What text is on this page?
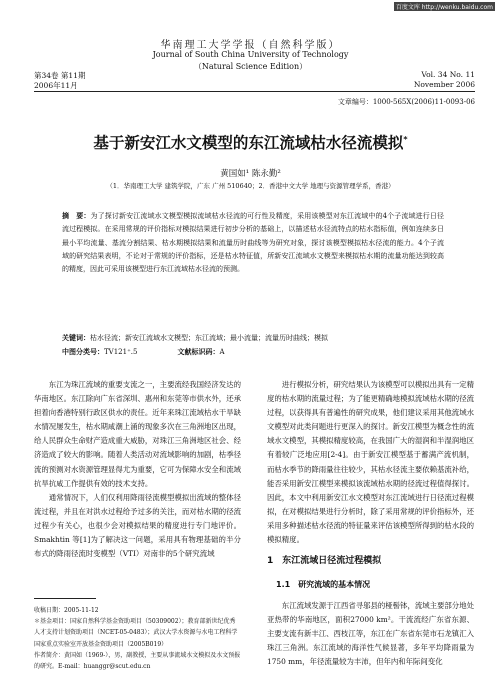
百度文库 http://wenku.baidu.com
华南理工大学学报（自然科学版）
Journal of South China University of Technology
（Natural Science Edition）
第34卷 第11期
2006年11月
Vol. 34 No. 11
November 2006
文章编号：1000-565X(2006)11-0093-06
基于新安江水文模型的东江流域枯水径流模拟*
黄国如¹ 陈永勤²
（1．华南理工大学 建筑学院，广东 广州 510640；2．香港中文大学 地理与资源管理学系，香港）

摘　要：为了探讨新安江流域水文模型模拟流域枯水径流的可行性及精度，采用该模型对东江流域中的4个子流域进行日径流过程模拟。在采用常规的评价指标对模拟结果进行初步分析的基础上，以描述枯水径流特点的枯水指标值，例如连续多日最小平均流量、基流分割结果、枯水期模拟结果和流量历时曲线等为研究对象，探讨该模型模拟枯水径流的能力。4个子流域的研究结果表明，不论对于常规的评价指标，还是枯水特征值，所新安江流域水文模型来模拟枯水期的流量功能达到较高的精度，因此可采用该模型进行东江流域枯水径流的预测。

关键词：枯水径流；新安江流域水文模型；东江流域；最小流量；流量历时曲线；模拟

中图分类号：TV121⁺.5	文献标识码：A

东江为珠江流域的重要支流之一，主要流经我国经济发达的华南地区。东江除向广东省深圳、惠州和东莞等市供水外，还承担着向香港特别行政区供水的责任。近年来珠江流域枯水干旱缺水情况屡发生，枯水期咸潮上涌的现象多次在三角洲地区出现，给人民群众生命财产造成重大威胁，对珠江三角洲地区社会、经济造成了较大的影响。随着人类活动对流域影响的加剧，枯季径流的预测对水资源管理显得尤为重要，它可为保障水安全和流域抗旱抗咸工作提供有效的技术支持。

通常情况下，人们仅利用降雨径流模型模拟出流域的整体径流过程，并且在对洪水过程给予过多的关注，而对枯水期的径流过程少有关心，也很少会对模拟结果的精度进行专门地评价。Smakhtin 等[1]为了解决这一问题，采用具有物理基础的半分布式的降雨径流时变模型（VTI）对南非的5个研究流域

收稿日期：2005-11-12
＊基金项目：国家自然科学基金资助项目（50309002）；教育部新世纪优秀人才支持计划资助项目（NCET-05-0483）；武汉大学水资源与水电工程科学国家重点实验室开放基金资助项目（2005B019）
作者简介：黄国如（1969-），男，副教授，主要从事流域水文模拟及水文预报的研究。E-mail：huanggr@scut.edu.cn

进行模拟分析，研究结果认为该模型可以模拟出具有一定精度的枯水期的流量过程；为了能更精确地模拟流域枯水期的径流过程，以获得具有普遍性的研究成果，他们建议采用其他流域水文模型对此类问题进行更深入的探讨。新安江模型为概念性的流域水文模型，其模拟精度较高，在我国广大的湿润和半湿润地区有着较广泛地应用[2-4]。由于新安江模型基于蓄满产流机制，而枯水季节的降雨量往往较少，其枯水径流主要依赖基流补给，能否采用新安江模型来模拟该流域枯水期的径流过程值得探讨。因此，本文中利用新安江水文模型对东江流域进行日径流过程模拟，在对模拟结果进行分析时，除了采用常规的评价指标外，还采用多种描述枯水径流的特征量来评估该模型所得到的枯水段的模拟精度。

1　东江流域日径流过程模拟
1.1　研究流域的基本情况

东江流域发源于江西省寻邬县的桠髻钵，流域主要部分地处亚热带的华南地区，面积27000 km²。干流流经广东省东源、主要支流有新丰江、西枝江等，东江在广东省东莞市石龙镇汇入珠江三角洲。东江流域的海洋性气候显著，多年平均降雨量为1750 mm，年径流量较为丰沛，但年内和年际间变化
